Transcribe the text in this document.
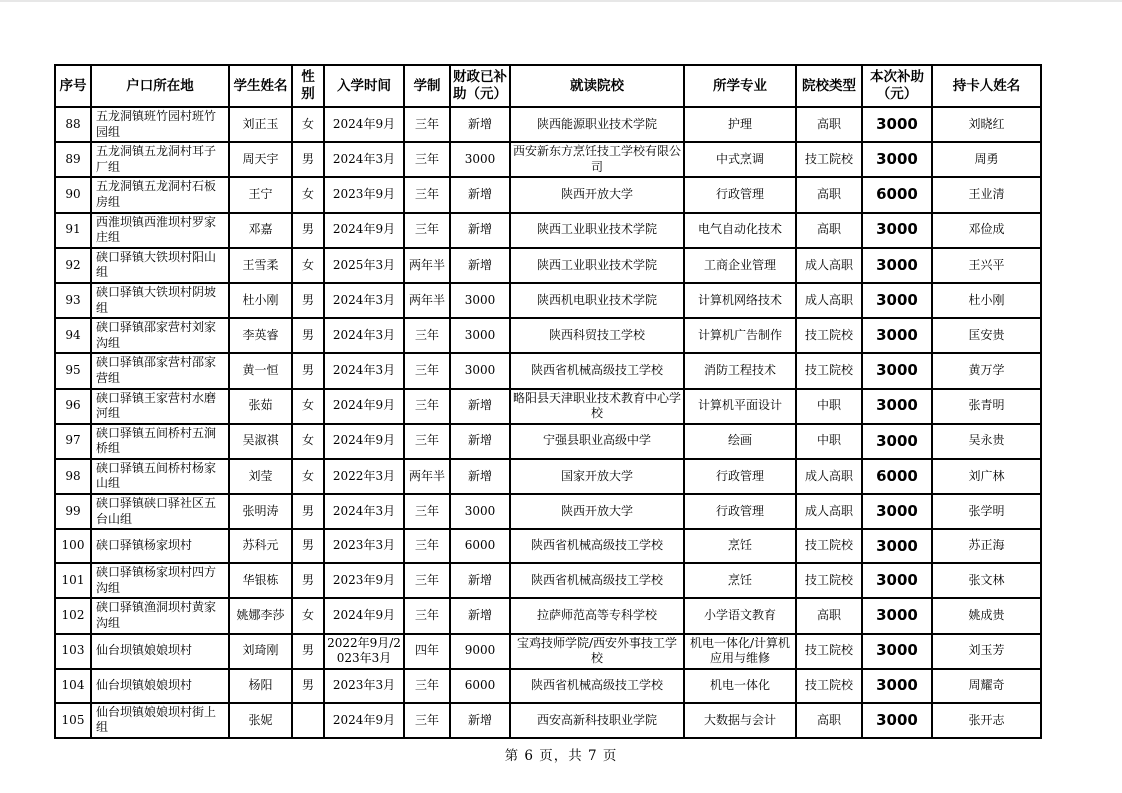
序号	户口所在地	学生姓名	性别	入学时间	学制	财政已补助（元）	就读院校	所学专业	院校类型	本次补助（元）	持卡人姓名
88	五龙洞镇班竹园村班竹园组	刘正玉	女	2024年9月	三年	新增	陕西能源职业技术学院	护理	高职	3000	刘晓红
89	五龙洞镇五龙洞村耳子厂组	周天宇	男	2024年3月	三年	3000	西安新东方烹饪技工学校有限公司	中式烹调	技工院校	3000	周勇
90	五龙洞镇五龙洞村石板房组	王宁	女	2023年9月	三年	新增	陕西开放大学	行政管理	高职	6000	王业清
91	西淮坝镇西淮坝村罗家庄组	邓嘉	男	2024年9月	三年	新增	陕西工业职业技术学院	电气自动化技术	高职	3000	邓俭成
92	硖口驿镇大铁坝村阳山组	王雪柔	女	2025年3月	两年半	新增	陕西工业职业技术学院	工商企业管理	成人高职	3000	王兴平
93	硖口驿镇大铁坝村阴坡组	杜小刚	男	2024年3月	两年半	3000	陕西机电职业技术学院	计算机网络技术	成人高职	3000	杜小刚
94	硖口驿镇邵家营村刘家沟组	李英睿	男	2024年3月	三年	3000	陕西科贸技工学校	计算机广告制作	技工院校	3000	匡安贵
95	硖口驿镇邵家营村邵家营组	黄一恒	男	2024年3月	三年	3000	陕西省机械高级技工学校	消防工程技术	技工院校	3000	黄万学
96	硖口驿镇王家营村水磨河组	张茹	女	2024年9月	三年	新增	略阳县天津职业技术教育中心学校	计算机平面设计	中职	3000	张青明
97	硖口驿镇五间桥村五涧桥组	吴淑祺	女	2024年9月	三年	新增	宁强县职业高级中学	绘画	中职	3000	吴永贵
98	硖口驿镇五间桥村杨家山组	刘莹	女	2022年3月	两年半	新增	国家开放大学	行政管理	成人高职	6000	刘广林
99	硖口驿镇硖口驿社区五台山组	张明涛	男	2024年3月	三年	3000	陕西开放大学	行政管理	成人高职	3000	张学明
100	硖口驿镇杨家坝村	苏科元	男	2023年3月	三年	6000	陕西省机械高级技工学校	烹饪	技工院校	3000	苏正海
101	硖口驿镇杨家坝村四方沟组	华银栋	男	2023年9月	三年	新增	陕西省机械高级技工学校	烹饪	技工院校	3000	张文林
102	硖口驿镇渔洞坝村黄家沟组	姚娜李莎	女	2024年9月	三年	新增	拉萨师范高等专科学校	小学语文教育	高职	3000	姚成贵
103	仙台坝镇娘娘坝村	刘琦刚	男	2022年9月/2023年3月	四年	9000	宝鸡技师学院/西安外事技工学校	机电一体化/计算机应用与维修	技工院校	3000	刘玉芳
104	仙台坝镇娘娘坝村	杨阳	男	2023年3月	三年	6000	陕西省机械高级技工学校	机电一体化	技工院校	3000	周耀奇
105	仙台坝镇娘娘坝村街上组	张妮		2024年9月	三年	新增	西安高新科技职业学院	大数据与会计	高职	3000	张开志
第 6 页，共 7 页
